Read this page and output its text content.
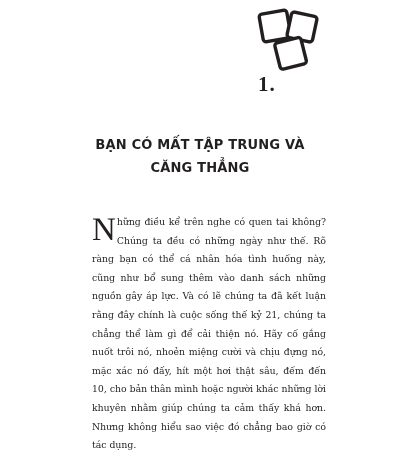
1.
BẠN CÓ MẤT TẬP TRUNG VÀ
CĂNG THẲNG
Những điều kể trên nghe có quen tai không? Chúng ta đều có những ngày như thế. Rõ ràng bạn có thể cá nhân hóa tình huống này, cũng như bổ sung thêm vào danh sách những nguồn gây áp lực. Và có lẽ chúng ta đã kết luận rằng đây chính là cuộc sống thế kỷ 21, chúng ta chẳng thể làm gì để cải thiện nó. Hãy cố gắng nuốt trôi nó, nhoẻn miệng cười và chịu đựng nó, mặc xác nó đấy, hít một hơi thật sâu, đếm đến 10, cho bản thân mình hoặc người khác những lời khuyên nhằm giúp chúng ta cảm thấy khá hơn. Nhưng không hiểu sao việc đó chẳng bao giờ có tác dụng.
